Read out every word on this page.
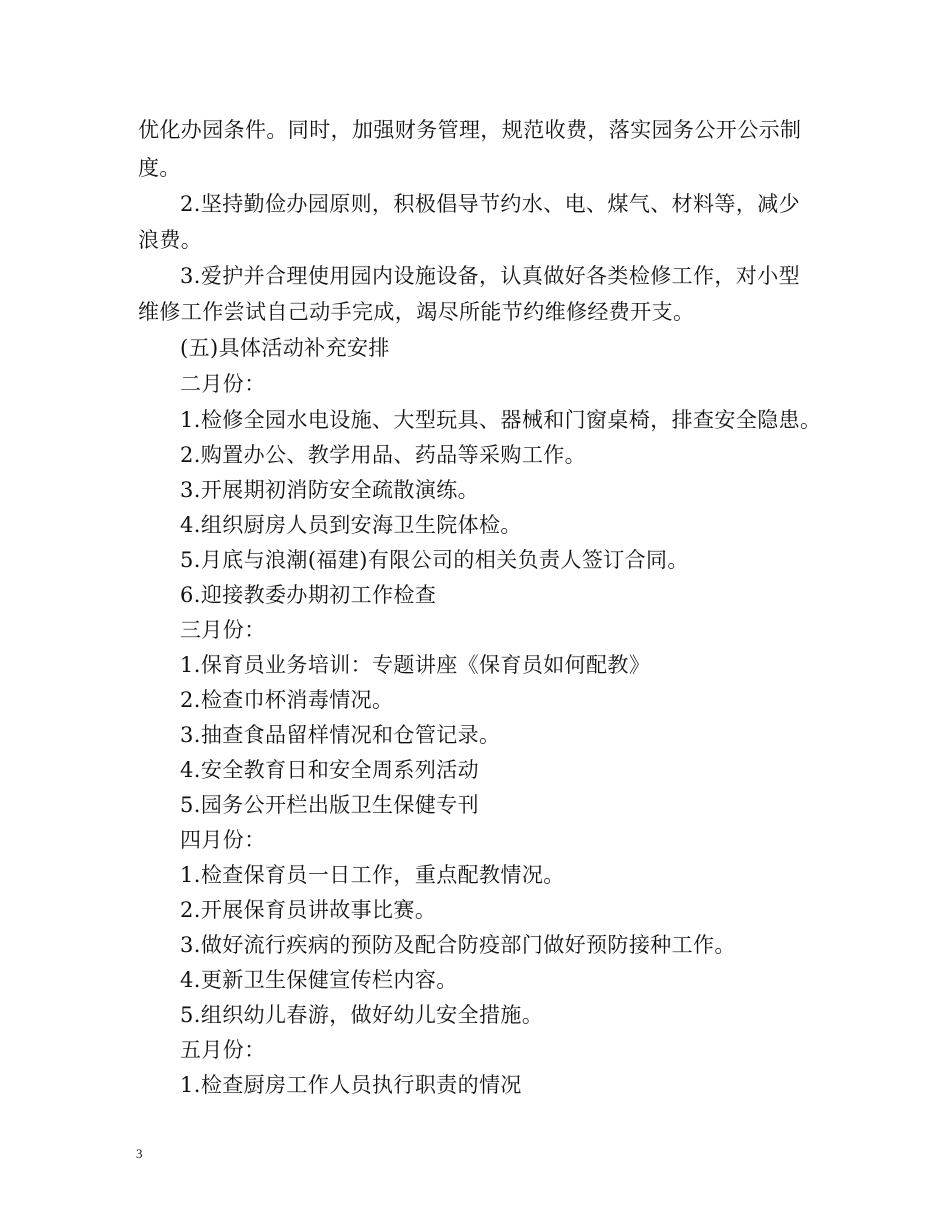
优化办园条件。同时，加强财务管理，规范收费，落实园务公开公示制
度。
2.坚持勤俭办园原则，积极倡导节约水、电、煤气、材料等，减少
浪费。
3.爱护并合理使用园内设施设备，认真做好各类检修工作，对小型
维修工作尝试自己动手完成，竭尽所能节约维修经费开支。
(五)具体活动补充安排
二月份：
1.检修全园水电设施、大型玩具、器械和门窗桌椅，排查安全隐患。
2.购置办公、教学用品、药品等采购工作。
3.开展期初消防安全疏散演练。
4.组织厨房人员到安海卫生院体检。
5.月底与浪潮(福建)有限公司的相关负责人签订合同。
6.迎接教委办期初工作检查
三月份：
1.保育员业务培训：专题讲座《保育员如何配教》
2.检查巾杯消毒情况。
3.抽查食品留样情况和仓管记录。
4.安全教育日和安全周系列活动
5.园务公开栏出版卫生保健专刊
四月份：
1.检查保育员一日工作，重点配教情况。
2.开展保育员讲故事比赛。
3.做好流行疾病的预防及配合防疫部门做好预防接种工作。
4.更新卫生保健宣传栏内容。
5.组织幼儿春游，做好幼儿安全措施。
五月份：
1.检查厨房工作人员执行职责的情况
3
